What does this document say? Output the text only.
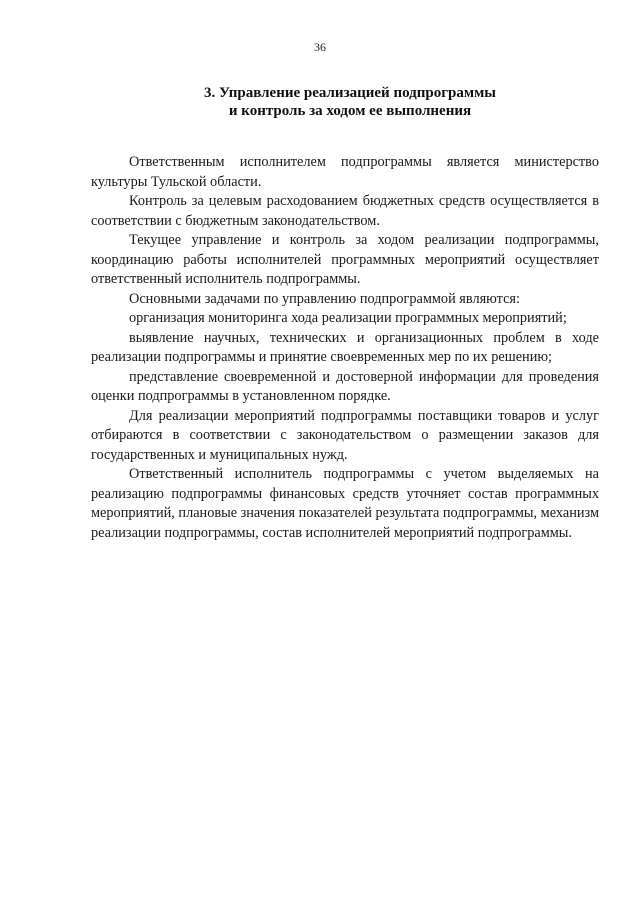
36
3. Управление реализацией подпрограммы
и контроль за ходом ее выполнения

Ответственным исполнителем подпрограммы является министерство культуры Тульской области.

Контроль за целевым расходованием бюджетных средств осуществляется в соответствии с бюджетным законодательством.

Текущее управление и контроль за ходом реализации подпрограммы, координацию работы исполнителей программных мероприятий осуществляет ответственный исполнитель подпрограммы.

Основными задачами по управлению подпрограммой являются:

организация мониторинга хода реализации программных мероприятий;

выявление научных, технических и организационных проблем в ходе реализации подпрограммы и принятие своевременных мер по их решению;

представление своевременной и достоверной информации для проведения оценки подпрограммы в установленном порядке.

Для реализации мероприятий подпрограммы поставщики товаров и услуг отбираются в соответствии с законодательством о размещении заказов для государственных и муниципальных нужд.

Ответственный исполнитель подпрограммы с учетом выделяемых на реализацию подпрограммы финансовых средств уточняет состав программных мероприятий, плановые значения показателей результата подпрограммы, механизм реализации подпрограммы, состав исполнителей мероприятий подпрограммы.
